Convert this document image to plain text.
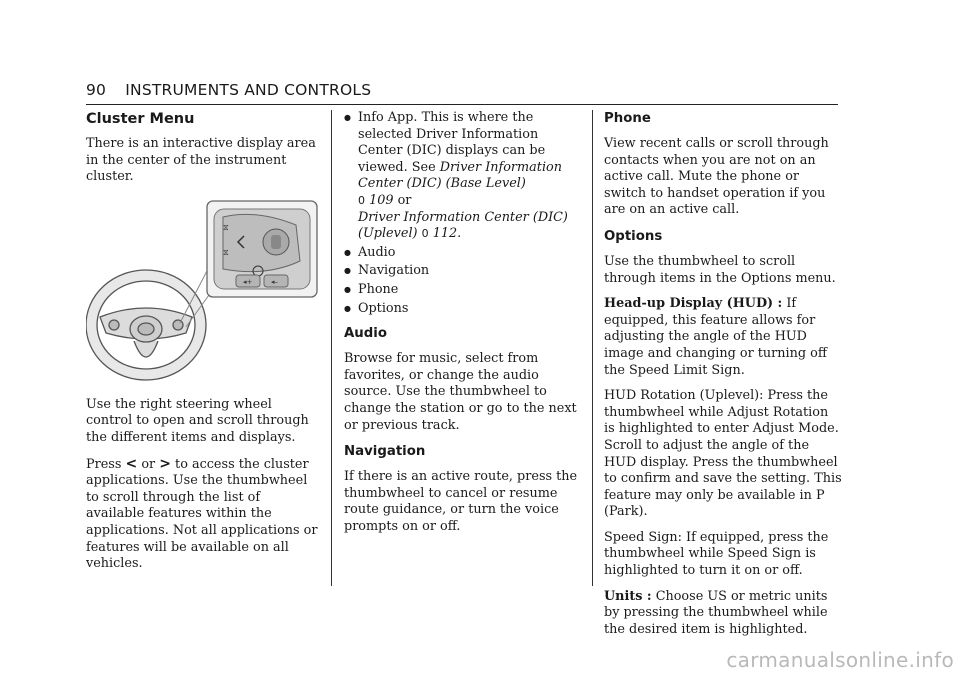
90 INSTRUMENTS AND CONTROLS
Cluster Menu

There is an interactive display area in the center of the instrument cluster.

⧖
⧖
◂+	◂–

Use the right steering wheel control to open and scroll through the different items and displays.

Press < or > to access the cluster applications. Use the thumbwheel to scroll through the list of available features within the applications. Not all applications or features will be available on all vehicles.

● Info App. This is where the selected Driver Information Center (DIC) displays can be viewed. See Driver Information Center (DIC) (Base Level)
0 109 or
Driver Information Center (DIC) (Uplevel) 0 112.
● Audio
● Navigation
● Phone
● Options
Audio

Browse for music, select from favorites, or change the audio source. Use the thumbwheel to change the station or go to the next or previous track.

Navigation

If there is an active route, press the thumbwheel to cancel or resume route guidance, or turn the voice prompts on or off.

Phone

View recent calls or scroll through contacts when you are not on an active call. Mute the phone or switch to handset operation if you are on an active call.

Options

Use the thumbwheel to scroll through items in the Options menu.

Head-up Display (HUD) : If equipped, this feature allows for adjusting the angle of the HUD image and changing or turning off the Speed Limit Sign.

HUD Rotation (Uplevel): Press the thumbwheel while Adjust Rotation is highlighted to enter Adjust Mode. Scroll to adjust the angle of the HUD display. Press the thumbwheel to confirm and save the setting. This feature may only be available in P (Park).

Speed Sign: If equipped, press the thumbwheel while Speed Sign is highlighted to turn it on or off.

Units : Choose US or metric units by pressing the thumbwheel while the desired item is highlighted.

carmanualsonline.info
